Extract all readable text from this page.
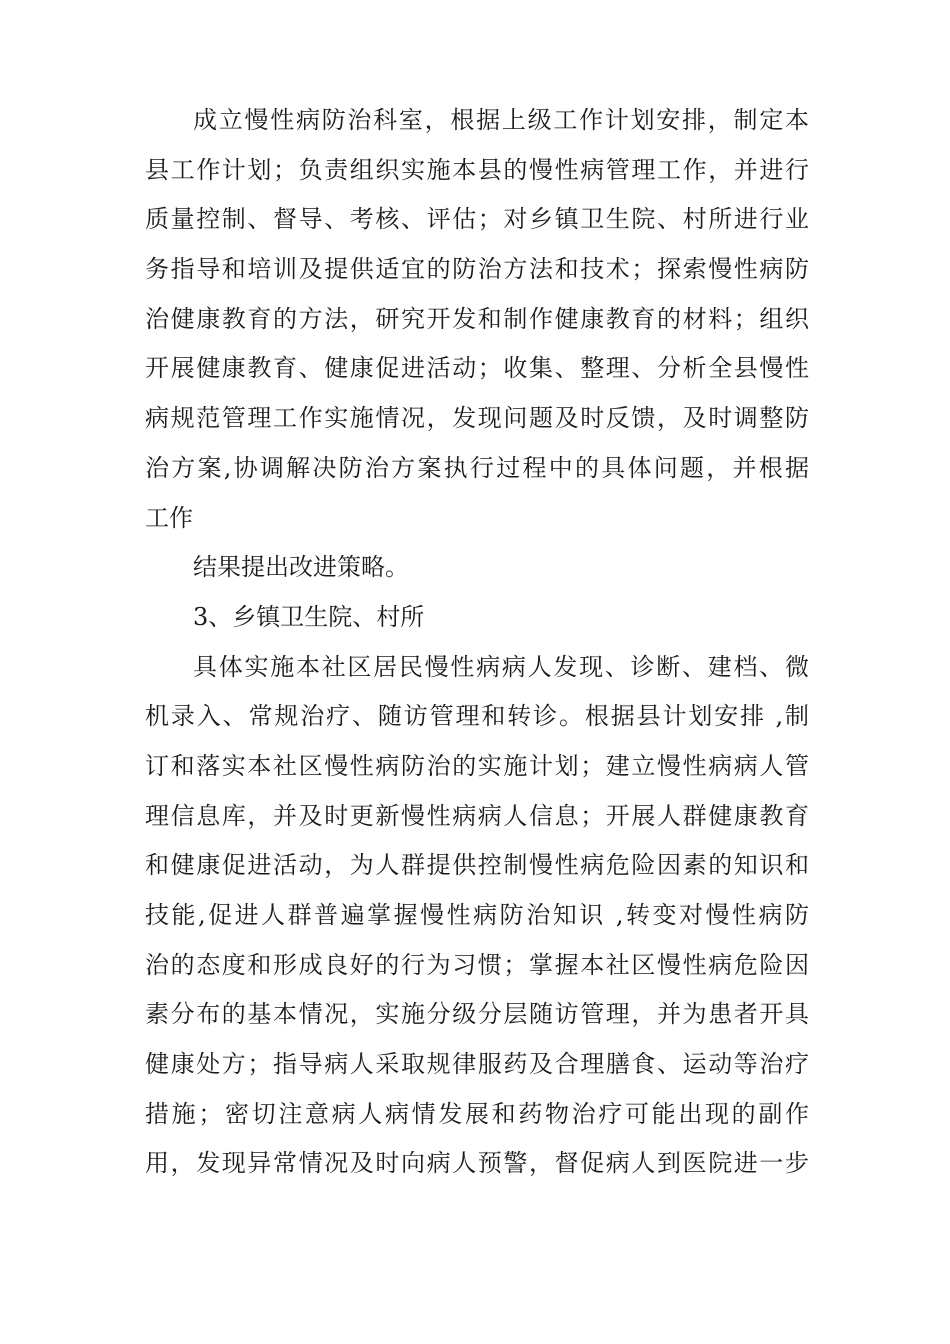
成立慢性病防治科室，根据上级工作计划安排，制定本
县工作计划；负责组织实施本县的慢性病管理工作，并进行
质量控制、督导、考核、评估；对乡镇卫生院、村所进行业
务指导和培训及提供适宜的防治方法和技术；探索慢性病防
治健康教育的方法，研究开发和制作健康教育的材料；组织
开展健康教育、健康促进活动；收集、整理、分析全县慢性
病规范管理工作实施情况，发现问题及时反馈，及时调整防
治方案,协调解决防治方案执行过程中的具体问题，并根据
工作
结果提出改进策略。
3、乡镇卫生院、村所
具体实施本社区居民慢性病病人发现、诊断、建档、微
机录入、常规治疗、随访管理和转诊。根据县计划安排 ,制
订和落实本社区慢性病防治的实施计划；建立慢性病病人管
理信息库，并及时更新慢性病病人信息；开展人群健康教育
和健康促进活动，为人群提供控制慢性病危险因素的知识和
技能,促进人群普遍掌握慢性病防治知识 ,转变对慢性病防
治的态度和形成良好的行为习惯；掌握本社区慢性病危险因
素分布的基本情况，实施分级分层随访管理，并为患者开具
健康处方；指导病人采取规律服药及合理膳食、运动等治疗
措施；密切注意病人病情发展和药物治疗可能出现的副作
用，发现异常情况及时向病人预警，督促病人到医院进一步
